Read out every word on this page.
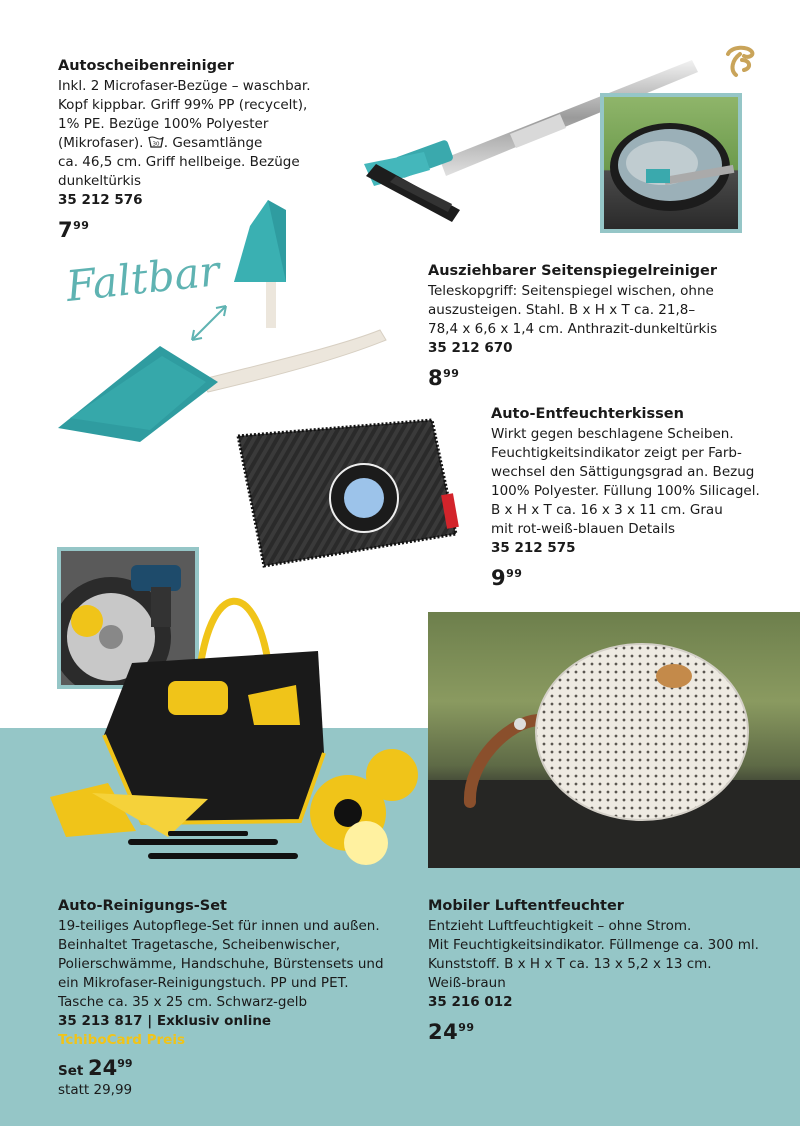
Autoscheibenreiniger
Inkl. 2 Microfaser-Bezüge – waschbar.
Kopf kippbar. Griff 99% PP (recycelt),
1% PE. Bezüge 100% Polyester
(Mikrofaser). 30 . Gesamtlänge
ca. 46,5 cm. Griff hellbeige. Bezüge
dunkeltürkis
35 212 576
$7^{99}$
Faltbar	Ausziehbarer Seitenspiegelreiniger
Teleskopgriff: Seitenspiegel wischen, ohne
auszusteigen. Stahl. B x H x T ca. 21,8–
78,4 x 6,6 x 1,4 cm. Anthrazit-dunkeltürkis
35 212 670
$8^{99}$
Auto-Entfeuchterkissen
Wirkt gegen beschlagene Scheiben.
Feuchtigkeitsindikator zeigt per Farb-
wechsel den Sättigungsgrad an. Bezug
100% Polyester. Füllung 100% Silicagel.
B x H x T ca. 16 x 3 x 11 cm. Grau
mit rot-weiß-blauen Details
35 212 575
$9^{99}$
Auto-Reinigungs-Set
19-teiliges Autopflege-Set für innen und außen.
Beinhaltet Tragetasche, Scheibenwischer,
Polierschwämme, Handschuhe, Bürstensets und
ein Mikrofaser-Reinigungstuch. PP und PET.
Tasche ca. 35 x 25 cm. Schwarz-gelb
35 213 817 | Exklusiv online
TchiboCard Preis
Set $24^{99}$
statt 29,99
Mobiler Luftentfeuchter
Entzieht Luftfeuchtigkeit – ohne Strom.
Mit Feuchtigkeitsindikator. Füllmenge ca. 300 ml.
Kunststoff. B x H x T ca. 13 x 5,2 x 13 cm.
Weiß-braun
35 216 012
$24^{99}$
